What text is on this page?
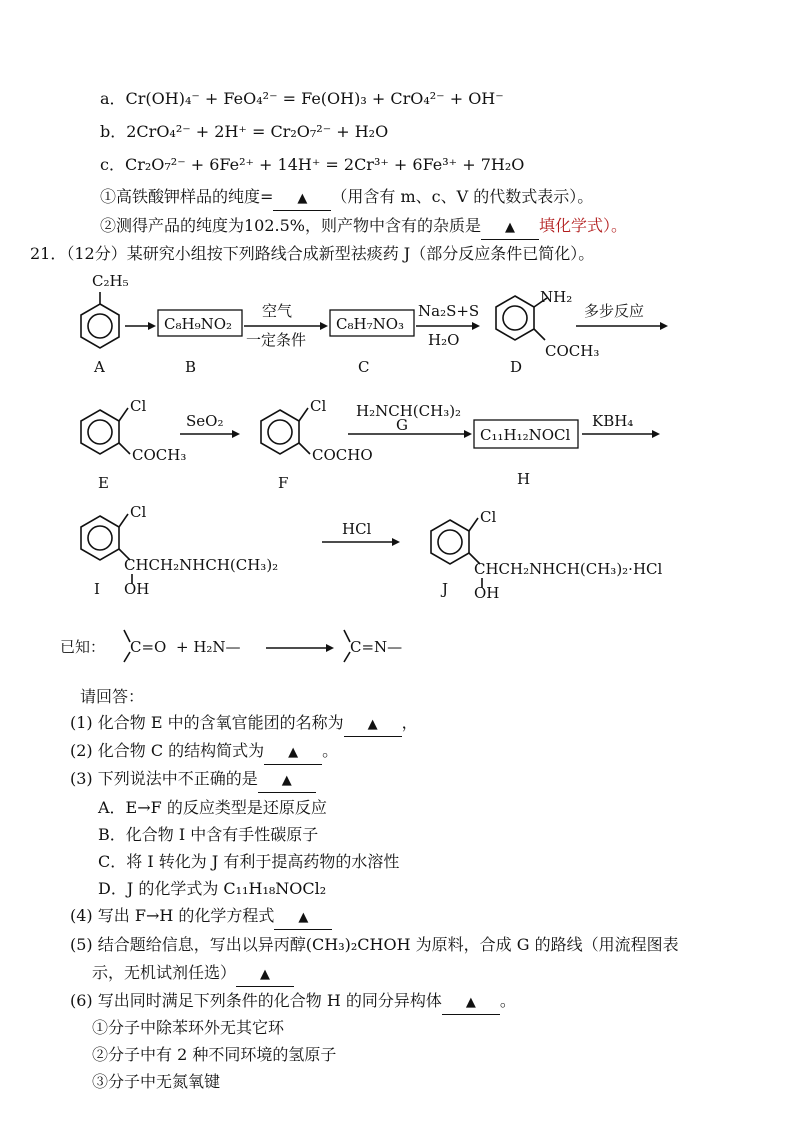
a．Cr(OH)₄⁻ + FeO₄²⁻ = Fe(OH)₃ + CrO₄²⁻ + OH⁻
b．2CrO₄²⁻ + 2H⁺ = Cr₂O₇²⁻ + H₂O
c．Cr₂O₇²⁻ + 6Fe²⁺ + 14H⁺ = 2Cr³⁺ + 6Fe³⁺ + 7H₂O
①高铁酸钾样品的纯度= ▲ （用含有 m、c、V 的代数式表示）。
②测得产品的纯度为102.5%，则产物中含有的杂质是 ▲ 填化学式）。
21．（12分）某研究小组按下列路线合成新型祛痰药 J（部分反应条件已简化）。
C₂H₅
A
C₈H₉NO₂
B
空气
一定条件
C₈H₇NO₃
C
Na₂S+S
H₂O
NH₂
COCH₃
D
多步反应
Cl
COCH₃
E
SeO₂
Cl
COCHO
F
H₂NCH(CH₃)₂
G
C₁₁H₁₂NOCl
H
KBH₄
Cl
CHCH₂NHCH(CH₃)₂
OH
I
HCl
Cl
CHCH₂NHCH(CH₃)₂·HCl
OH
J
已知： C=O + H₂N—	C=N—
请回答：
(1) 化合物 E 中的含氧官能团的名称为 ▲ ，
(2) 化合物 C 的结构简式为 ▲ 。
(3) 下列说法中不正确的是 ▲
A．E→F 的反应类型是还原反应
B．化合物 I 中含有手性碳原子
C．将 I 转化为 J 有利于提高药物的水溶性
D．J 的化学式为 C₁₁H₁₈NOCl₂
(4) 写出 F→H 的化学方程式 ▲
(5) 结合题给信息，写出以异丙醇(CH₃)₂CHOH 为原料，合成 G 的路线（用流程图表
示，无机试剂任选） ▲
(6) 写出同时满足下列条件的化合物 H 的同分异构体 ▲ 。
①分子中除苯环外无其它环
②分子中有 2 种不同环境的氢原子
③分子中无氮氧键
